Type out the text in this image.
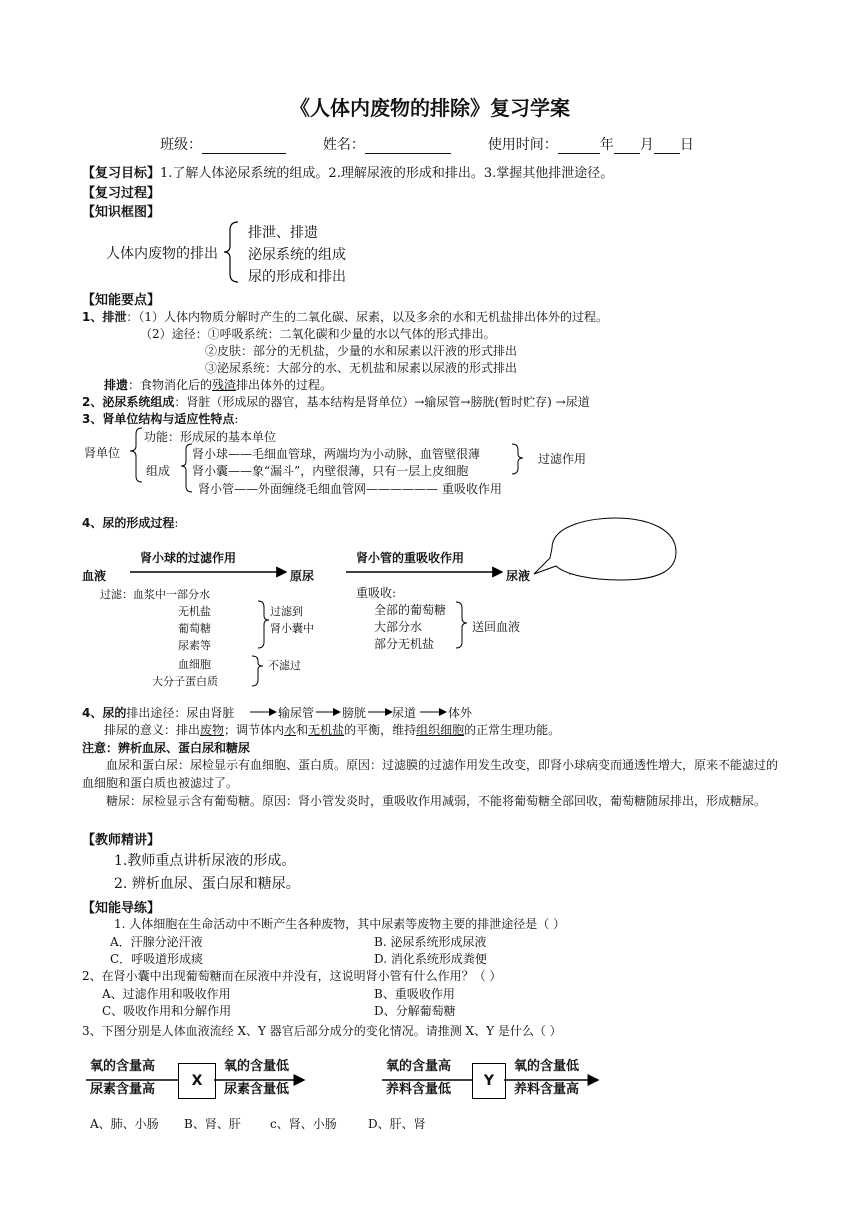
《人体内废物的排除》复习学案
班级：	姓名：	使用时间：	年 月 日
【复习目标】1.了解人体泌尿系统的组成。2.理解尿液的形成和排出。3.掌握其他排泄途径。
【复习过程】
【知识框图】
人体内废物的排出
排泄、排遗
泌尿系统的组成
尿的形成和排出
【知能要点】
1、排泄：（1）人体内物质分解时产生的二氧化碳、尿素，以及多余的水和无机盐排出体外的过程。
（2）途径：①呼吸系统：二氧化碳和少量的水以气体的形式排出。
②皮肤：部分的无机盐，少量的水和尿素以汗液的形式排出
③泌尿系统：大部分的水、无机盐和尿素以尿液的形式排出
排遗：食物消化后的残渣排出体外的过程。
2、泌尿系统组成：肾脏（形成尿的器官，基本结构是肾单位）→输尿管→膀胱(暂时贮存) →尿道
3、肾单位结构与适应性特点:
肾单位
功能：形成尿的基本单位
组成
肾小球——毛细血管球，两端均为小动脉，血管壁很薄
肾小囊——象“漏斗”，内壁很薄，只有一层上皮细胞
过滤作用
肾小管——外面缠绕毛细血管网—————— 重吸收作用
4、尿的形成过程:
肾小球的过滤作用	肾小管的重吸收作用
血液	原尿	尿液
过滤：血浆中一部分水
无机盐
葡萄糖
尿素等
过滤到
肾小囊中
血细胞
大分子蛋白质
不滤过
重吸收:
全部的葡萄糖
大部分水
部分无机盐
送回血液
4、尿的排出途径：尿由肾脏	输尿管 膀胱 尿道	体外
排尿的意义：排出废物；调节体内水和无机盐的平衡，维持组织细胞的正常生理功能。
注意：辨析血尿、蛋白尿和糖尿
血尿和蛋白尿：尿检显示有血细胞、蛋白质。原因：过滤膜的过滤作用发生改变，即肾小球病变而通透性增大，原来不能滤过的血细胞和蛋白质也被滤过了。
糖尿：尿检显示含有葡萄糖。原因：肾小管发炎时，重吸收作用减弱，不能将葡萄糖全部回收，葡萄糖随尿排出，形成糖尿。
【教师精讲】
1.教师重点讲析尿液的形成。
2. 辨析血尿、蛋白尿和糖尿。
【知能导练】
1. 人体细胞在生命活动中不断产生各种废物，其中尿素等废物主要的排泄途径是（ ）
A．汗腺分泌汗液	B. 泌尿系统形成尿液
C．呼吸道形成痰	D. 消化系统形成粪便
2、在肾小囊中出现葡萄糖而在尿液中并没有，这说明肾小管有什么作用？（ ）
A、过滤作用和吸收作用	B、重吸收作用
C、吸收作用和分解作用	D、分解葡萄糖
3、下图分别是人体血液流经 X、Y 器官后部分成分的变化情况。请推测 X、Y 是什么（ ）
氧的含量高
尿素含量高
X
氧的含量低
尿素含量低
氧的含量高
养料含量低
Y
氧的含量低
养料含量高
A、肺、小肠 B、肾、肝 c、肾、小肠	D、肝、肾
